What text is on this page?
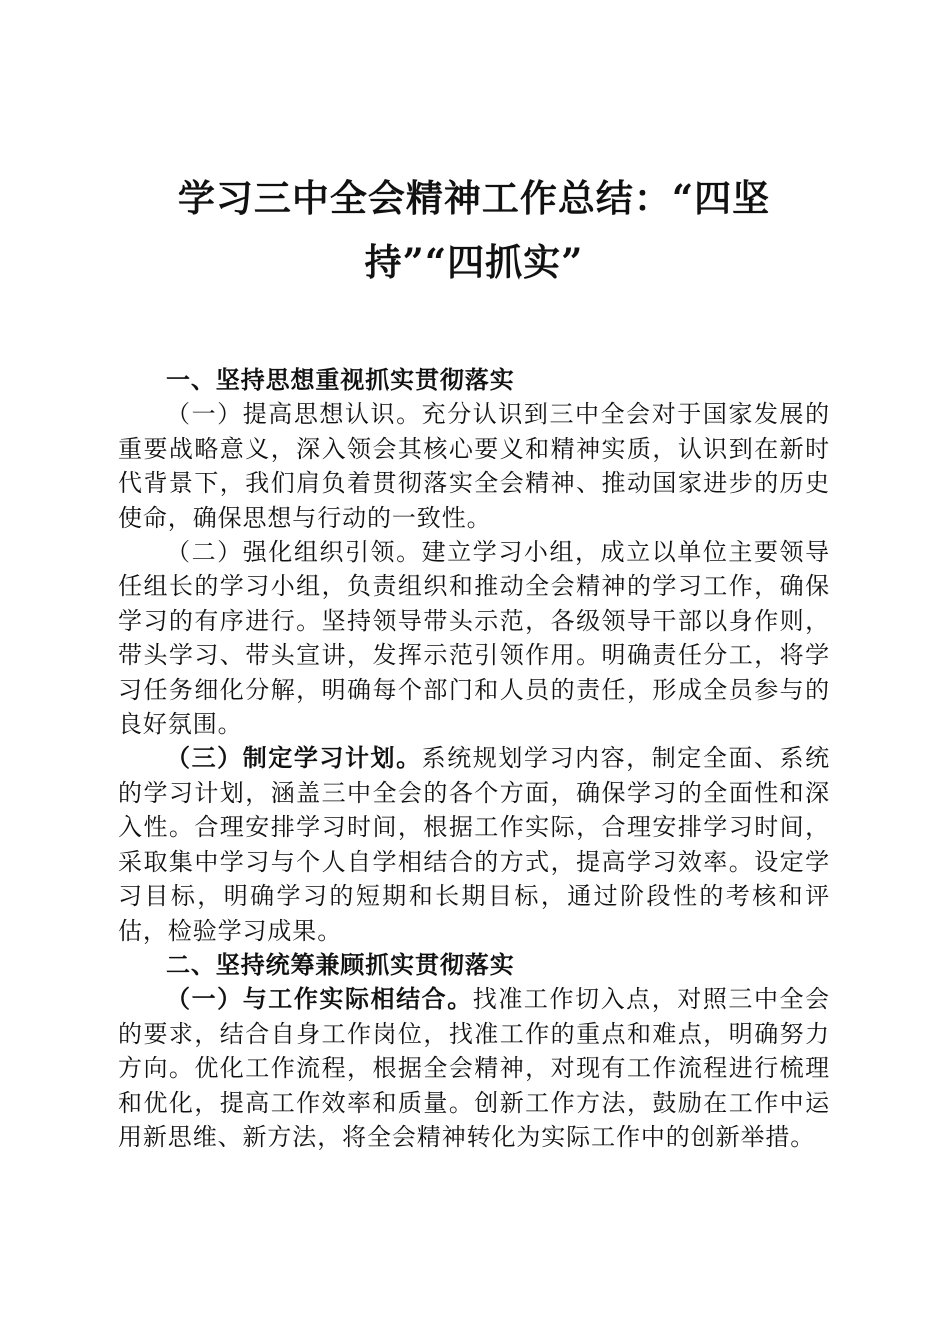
学习三中全会精神工作总结：“四坚持”“四抓实”
一、坚持思想重视抓实贯彻落实

（一）提高思想认识。充分认识到三中全会对于国家发展的重要战略意义，深入领会其核心要义和精神实质，认识到在新时代背景下，我们肩负着贯彻落实全会精神、推动国家进步的历史使命，确保思想与行动的一致性。

（二）强化组织引领。建立学习小组，成立以单位主要领导任组长的学习小组，负责组织和推动全会精神的学习工作，确保学习的有序进行。坚持领导带头示范，各级领导干部以身作则，带头学习、带头宣讲，发挥示范引领作用。明确责任分工，将学习任务细化分解，明确每个部门和人员的责任，形成全员参与的良好氛围。

（三）制定学习计划。系统规划学习内容，制定全面、系统的学习计划，涵盖三中全会的各个方面，确保学习的全面性和深入性。合理安排学习时间，根据工作实际，合理安排学习时间，采取集中学习与个人自学相结合的方式，提高学习效率。设定学习目标，明确学习的短期和长期目标，通过阶段性的考核和评估，检验学习成果。

二、坚持统筹兼顾抓实贯彻落实

（一）与工作实际相结合。找准工作切入点，对照三中全会的要求，结合自身工作岗位，找准工作的重点和难点，明确努力方向。优化工作流程，根据全会精神，对现有工作流程进行梳理和优化，提高工作效率和质量。创新工作方法，鼓励在工作中运用新思维、新方法，将全会精神转化为实际工作中的创新举措。
